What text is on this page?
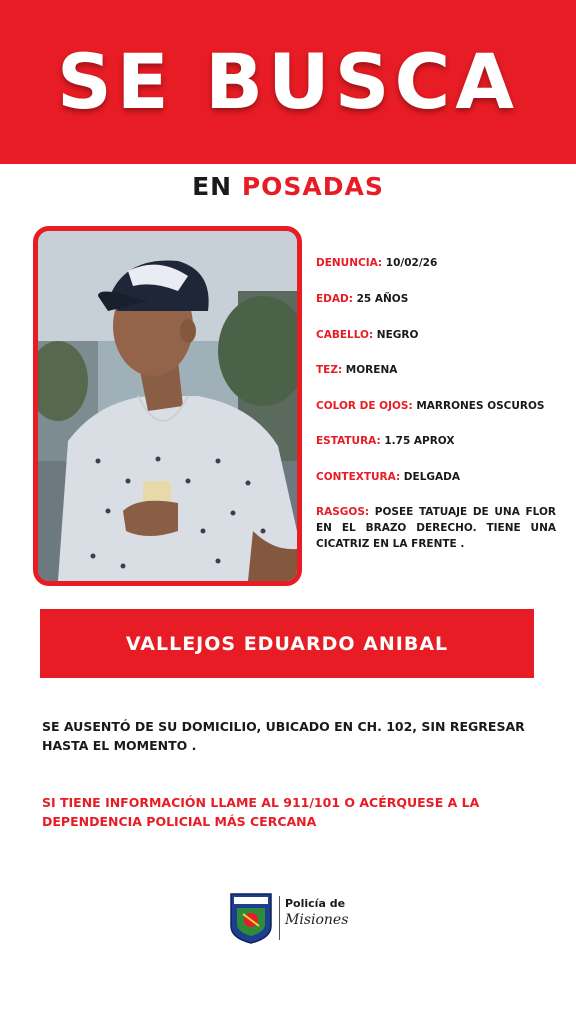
SE BUSCA
EN POSADAS
DENUNCIA: 10/02/26
EDAD: 25 AÑOS
CABELLO: NEGRO
TEZ: MORENA
COLOR DE OJOS: MARRONES OSCUROS
ESTATURA: 1.75 APROX
CONTEXTURA: DELGADA
RASGOS: POSEE TATUAJE DE UNA FLOR EN EL BRAZO DERECHO. TIENE UNA CICATRIZ EN LA FRENTE .
VALLEJOS EDUARDO ANIBAL
SE AUSENTÓ DE SU DOMICILIO, UBICADO EN CH. 102, SIN REGRESAR HASTA EL MOMENTO .
SI TIENE INFORMACIÓN LLAME AL 911/101 O ACÉRQUESE A LA DEPENDENCIA POLICIAL MÁS CERCANA
Policía de
Misiones
